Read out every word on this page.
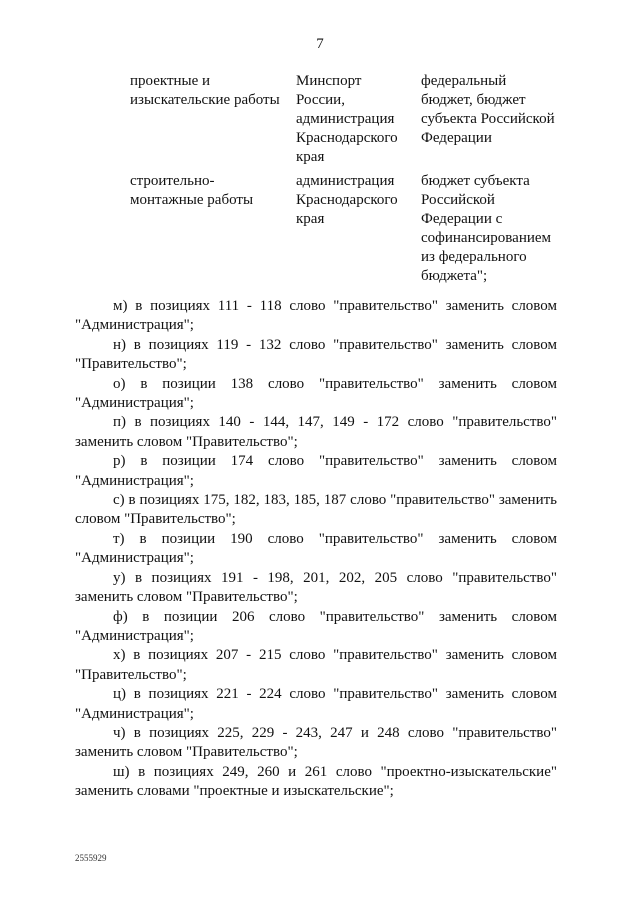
7
проектные и
изыскательские работы
Минспорт
России,
администрация
Краснодарского
края
федеральный
бюджет, бюджет
субъекта Российской
Федерации
строительно-
монтажные работы
администрация
Краснодарского
края
бюджет субъекта
Российской
Федерации с
софинансированием
из федерального
бюджета";

м) в позициях 111 - 118 слово "правительство" заменить словом
"Администрация";

н) в позициях 119 - 132 слово "правительство" заменить словом
"Правительство";

о) в позиции 138 слово "правительство" заменить словом
"Администрация";

п) в позициях 140 - 144, 147, 149 - 172 слово "правительство"
заменить словом "Правительство";

р) в позиции 174 слово "правительство" заменить словом
"Администрация";

с) в позициях 175, 182, 183, 185, 187 слово "правительство" заменить
словом "Правительство";

т) в позиции 190 слово "правительство" заменить словом
"Администрация";

у) в позициях 191 - 198, 201, 202, 205 слово "правительство"
заменить словом "Правительство";

ф) в позиции 206 слово "правительство" заменить словом
"Администрация";

х) в позициях 207 - 215 слово "правительство" заменить словом
"Правительство";

ц) в позициях 221 - 224 слово "правительство" заменить словом
"Администрация";

ч) в позициях 225, 229 - 243, 247 и 248 слово "правительство"
заменить словом "Правительство";

ш) в позициях 249, 260 и 261 слово "проектно-изыскательские"
заменить словами "проектные и изыскательские";

2555929
